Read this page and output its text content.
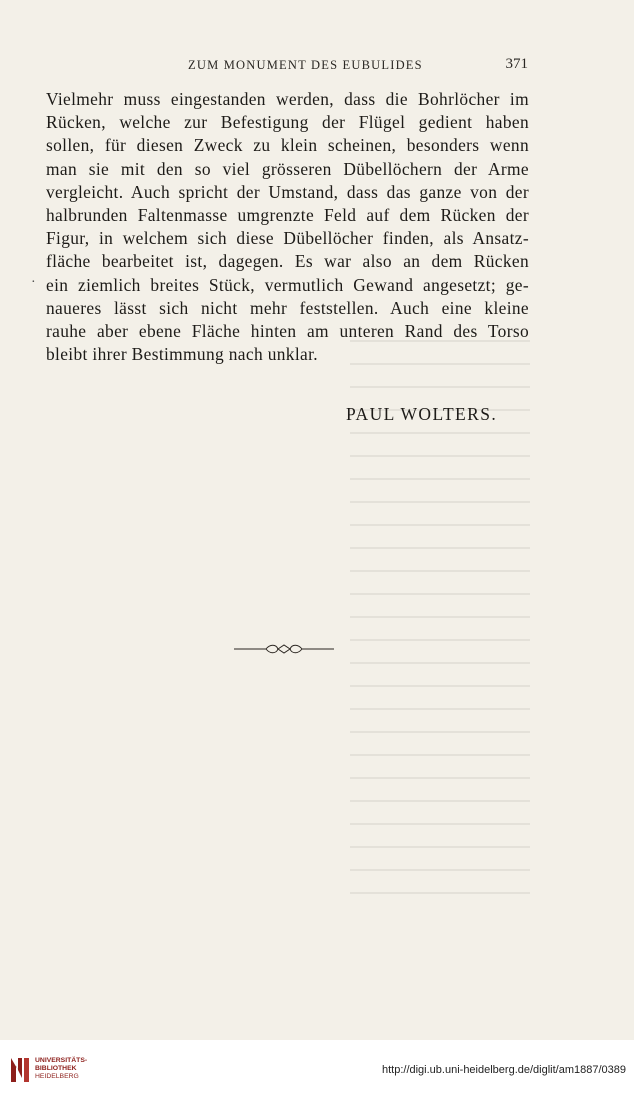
ZUM MONUMENT DES EUBULIDES	371
·
Vielmehr muss eingestanden werden, dass die Bohrlöcher im
Rücken, welche zur Befestigung der Flügel gedient haben
sollen, für diesen Zweck zu klein scheinen, besonders wenn
man sie mit den so viel grösseren Dübellöchern der Arme
vergleicht. Auch spricht der Umstand, dass das ganze von der
halbrunden Faltenmasse umgrenzte Feld auf dem Rücken der
Figur, in welchem sich diese Dübellöcher finden, als Ansatz-
fläche bearbeitet ist, dagegen. Es war also an dem Rücken
ein ziemlich breites Stück, vermutlich Gewand angesetzt; ge-
naueres lässt sich nicht mehr feststellen. Auch eine kleine
rauhe aber ebene Fläche hinten am unteren Rand des Torso
bleibt ihrer Bestimmung nach unklar.
PAUL WOLTERS.
UNIVERSITÄTS-
BIBLIOTHEK
HEIDELBERG
http://digi.ub.uni-heidelberg.de/diglit/am1887/0389
